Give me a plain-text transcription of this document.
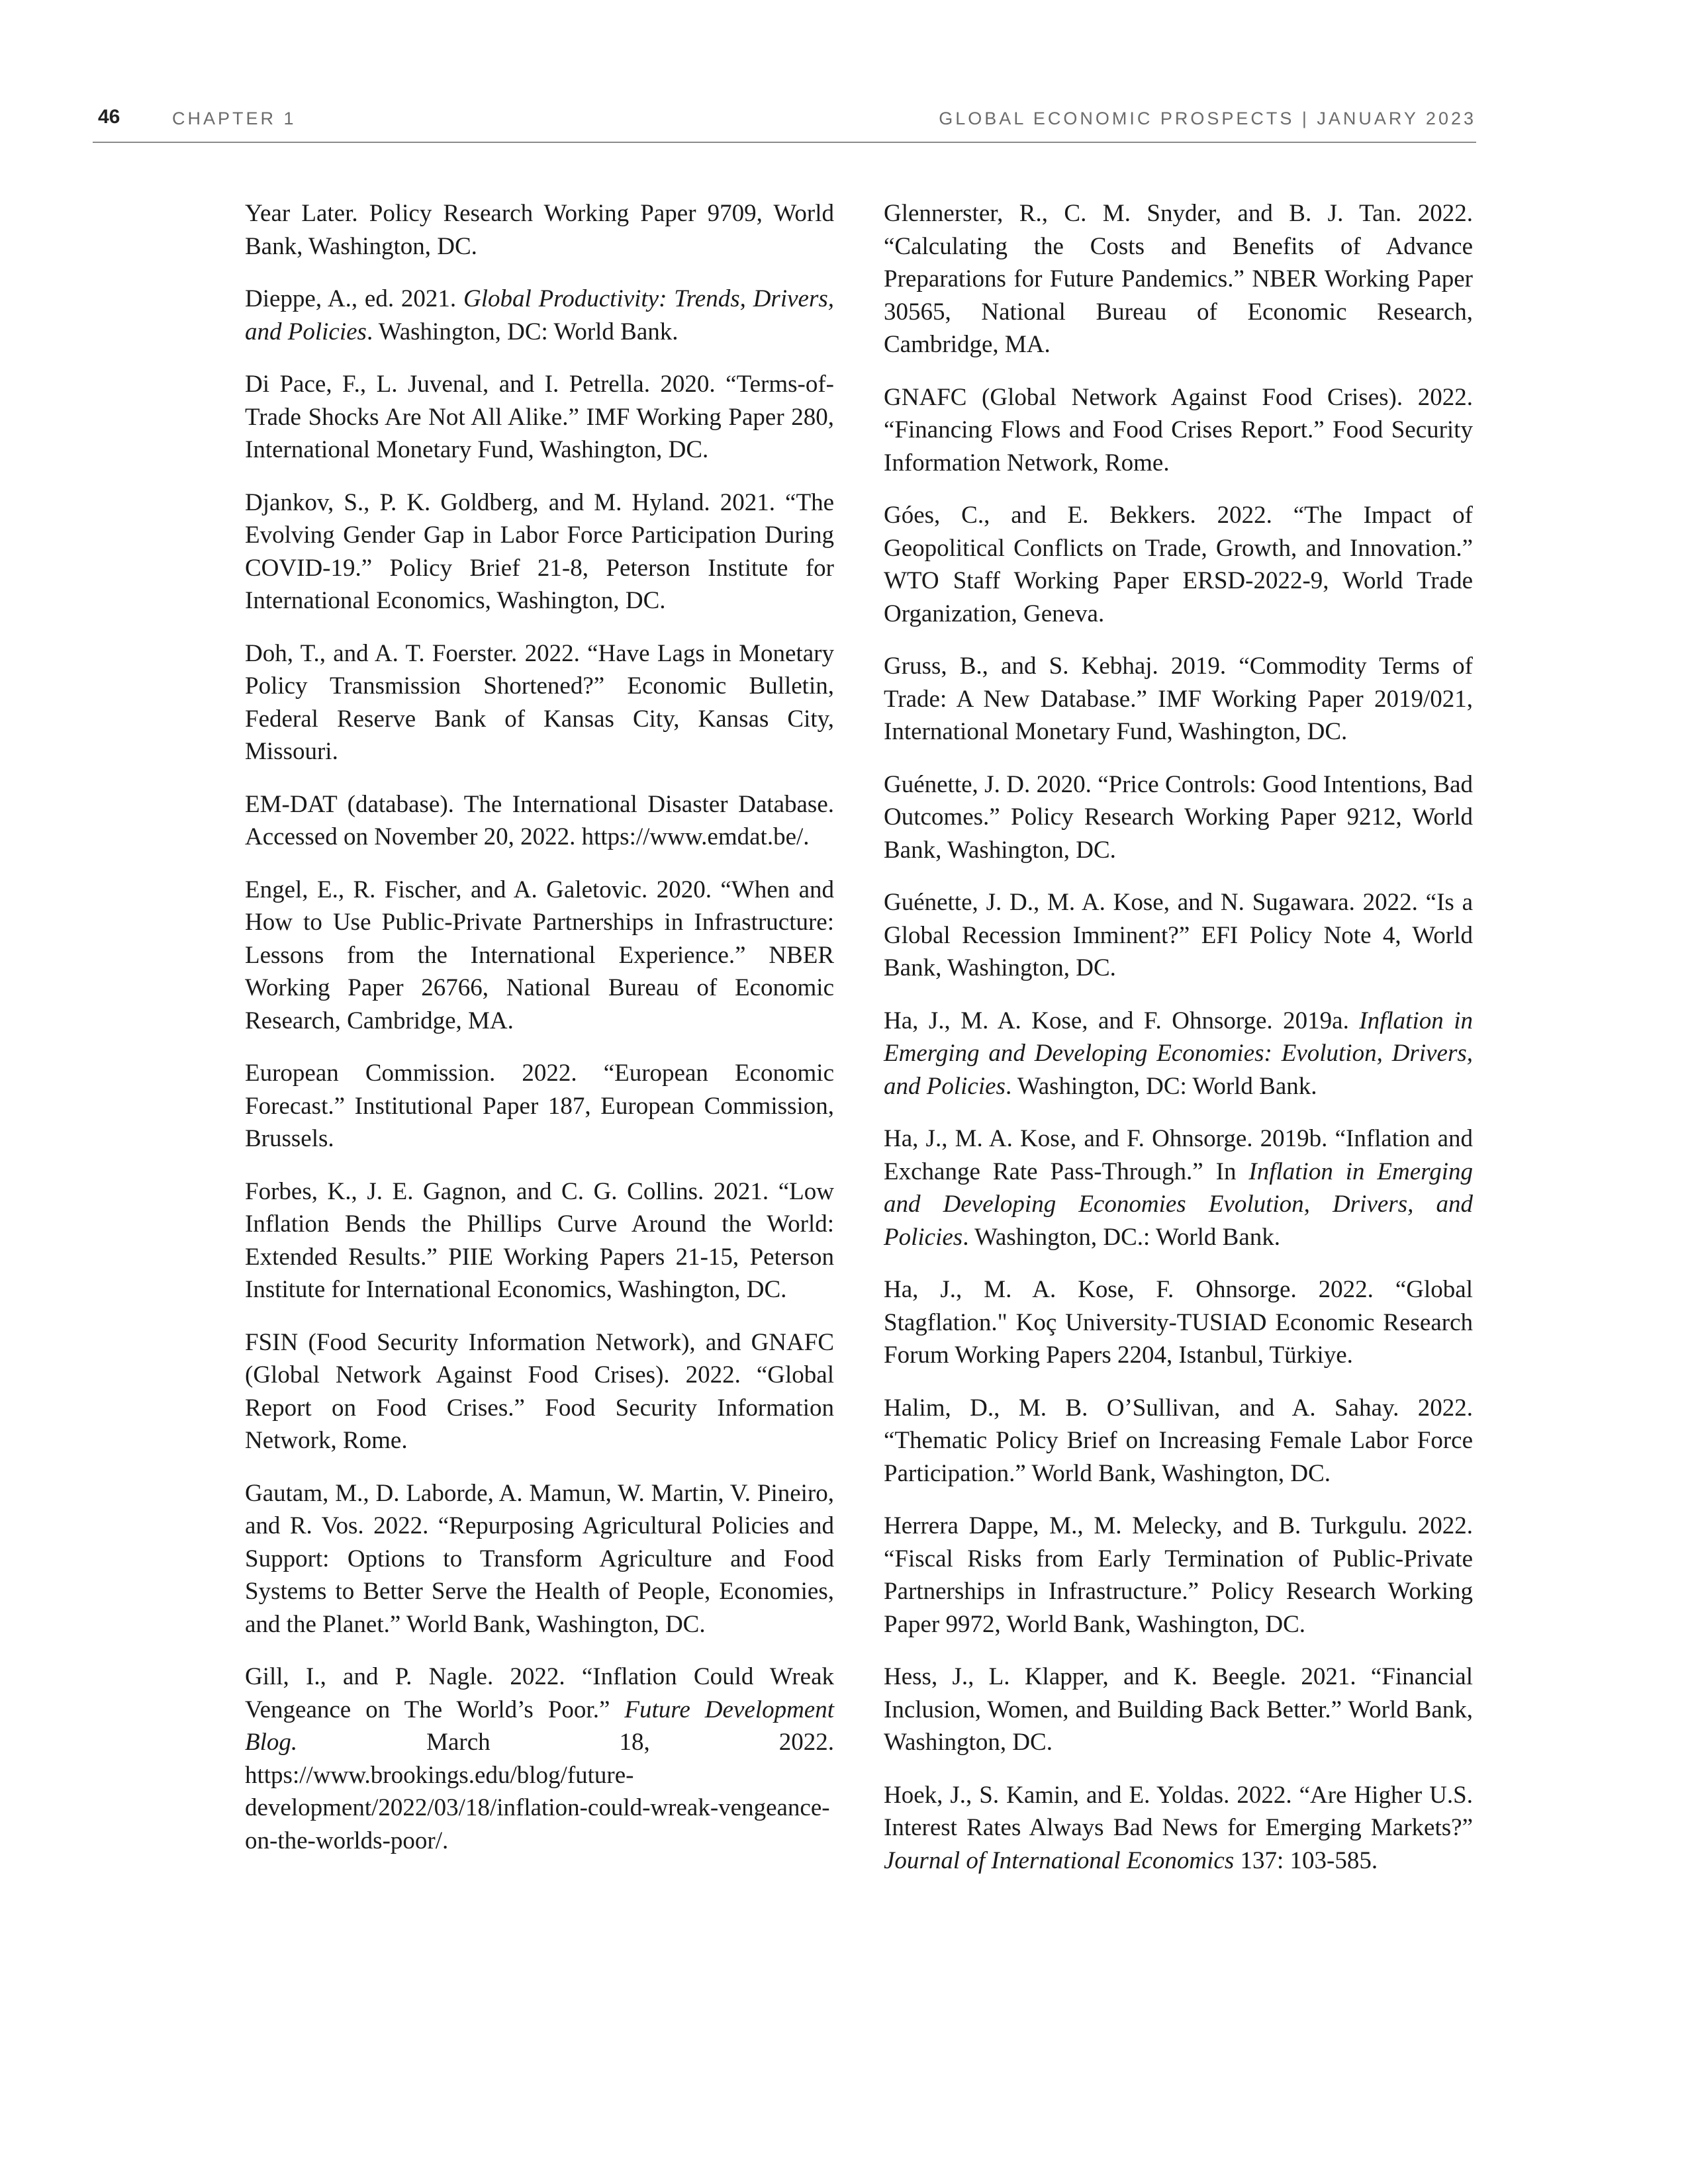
46	CHAPTER 1	GLOBAL ECONOMIC PROSPECTS | JANUARY 2023

Year Later. Policy Research Working Paper 9709, World Bank, Washington, DC.

Dieppe, A., ed. 2021. Global Productivity: Trends, Drivers, and Policies. Washington, DC: World Bank.

Di Pace, F., L. Juvenal, and I. Petrella. 2020. “Terms-of-Trade Shocks Are Not All Alike.” IMF Working Paper 280, International Monetary Fund, Washington, DC.

Djankov, S., P. K. Goldberg, and M. Hyland. 2021. “The Evolving Gender Gap in Labor Force Participation During COVID-19.” Policy Brief 21-8, Peterson Institute for International Economics, Washington, DC.

Doh, T., and A. T. Foerster. 2022. “Have Lags in Monetary Policy Transmission Shortened?” Economic Bulletin, Federal Reserve Bank of Kansas City, Kansas City, Missouri.

EM-DAT (database). The International Disaster Database. Accessed on November 20, 2022. https://www.emdat.be/.

Engel, E., R. Fischer, and A. Galetovic. 2020. “When and How to Use Public-Private Partnerships in Infrastructure: Lessons from the International Experience.” NBER Working Paper 26766, National Bureau of Economic Research, Cambridge, MA.

European Commission. 2022. “European Economic Forecast.” Institutional Paper 187, European Commission, Brussels.

Forbes, K., J. E. Gagnon, and C. G. Collins. 2021. “Low Inflation Bends the Phillips Curve Around the World: Extended Results.” PIIE Working Papers 21-15, Peterson Institute for International Economics, Washington, DC.

FSIN (Food Security Information Network), and GNAFC (Global Network Against Food Crises). 2022. “Global Report on Food Crises.” Food Security Information Network, Rome.

Gautam, M., D. Laborde, A. Mamun, W. Martin, V. Pineiro, and R. Vos. 2022. “Repurposing Agricultural Policies and Support: Options to Transform Agriculture and Food Systems to Better Serve the Health of People, Economies, and the Planet.” World Bank, Washington, DC.

Gill, I., and P. Nagle. 2022. “Inflation Could Wreak Vengeance on The World’s Poor.” Future Development Blog. March 18, 2022. https://www.brookings.edu/blog/future-development/2022/03/18/inflation-could-wreak-vengeance-on-the-worlds-poor/.

Glennerster, R., C. M. Snyder, and B. J. Tan. 2022. “Calculating the Costs and Benefits of Advance Preparations for Future Pandemics.” NBER Working Paper 30565, National Bureau of Economic Research, Cambridge, MA.

GNAFC (Global Network Against Food Crises). 2022. “Financing Flows and Food Crises Report.” Food Security Information Network, Rome.

Góes, C., and E. Bekkers. 2022. “The Impact of Geopolitical Conflicts on Trade, Growth, and Innovation.” WTO Staff Working Paper ERSD-2022-9, World Trade Organization, Geneva.

Gruss, B., and S. Kebhaj. 2019. “Commodity Terms of Trade: A New Database.” IMF Working Paper 2019/021, International Monetary Fund, Washington, DC.

Guénette, J. D. 2020. “Price Controls: Good Intentions, Bad Outcomes.” Policy Research Working Paper 9212, World Bank, Washington, DC.

Guénette, J. D., M. A. Kose, and N. Sugawara. 2022. “Is a Global Recession Imminent?” EFI Policy Note 4, World Bank, Washington, DC.

Ha, J., M. A. Kose, and F. Ohnsorge. 2019a. Inflation in Emerging and Developing Economies: Evolution, Drivers, and Policies. Washington, DC: World Bank.

Ha, J., M. A. Kose, and F. Ohnsorge. 2019b. “Inflation and Exchange Rate Pass-Through.” In Inflation in Emerging and Developing Economies Evolution, Drivers, and Policies. Washington, DC.: World Bank.

Ha, J., M. A. Kose, F. Ohnsorge. 2022. “Global Stagflation." Koç University-TUSIAD Economic Research Forum Working Papers 2204, Istanbul, Türkiye.

Halim, D., M. B. O’Sullivan, and A. Sahay. 2022. “Thematic Policy Brief on Increasing Female Labor Force Participation.” World Bank, Washington, DC.

Herrera Dappe, M., M. Melecky, and B. Turkgulu. 2022. “Fiscal Risks from Early Termination of Public-Private Partnerships in Infrastructure.” Policy Research Working Paper 9972, World Bank, Washington, DC.

Hess, J., L. Klapper, and K. Beegle. 2021. “Financial Inclusion, Women, and Building Back Better.” World Bank, Washington, DC.

Hoek, J., S. Kamin, and E. Yoldas. 2022. “Are Higher U.S. Interest Rates Always Bad News for Emerging Markets?” Journal of International Economics 137: 103-585.
